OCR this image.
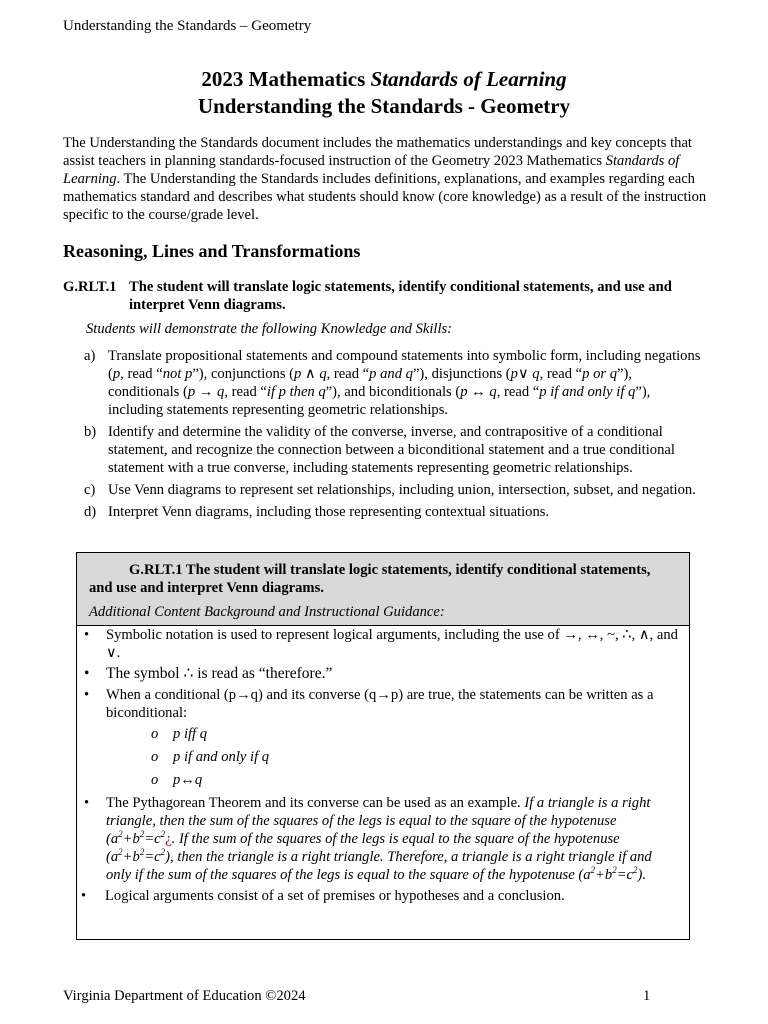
Understanding the Standards – Geometry
2023 Mathematics Standards of Learning
Understanding the Standards - Geometry
The Understanding the Standards document includes the mathematics understandings and key concepts that assist teachers in planning standards-focused instruction of the Geometry 2023 Mathematics Standards of Learning. The Understanding the Standards includes definitions, explanations, and examples regarding each mathematics standard and describes what students should know (core knowledge) as a result of the instruction specific to the course/grade level.
Reasoning, Lines and Transformations
G.RLT.1 The student will translate logic statements, identify conditional statements, and use and interpret Venn diagrams.
Students will demonstrate the following Knowledge and Skills:
a) Translate propositional statements and compound statements into symbolic form, including negations (p, read “not p”), conjunctions (p ∧ q, read “p and q”), disjunctions (p∨ q, read “p or q”), conditionals (p → q, read “if p then q”), and biconditionals (p ↔ q, read “p if and only if q”), including statements representing geometric relationships.
b) Identify and determine the validity of the converse, inverse, and contrapositive of a conditional statement, and recognize the connection between a biconditional statement and a true conditional statement with a true converse, including statements representing geometric relationships.
c) Use Venn diagrams to represent set relationships, including union, intersection, subset, and negation.
d) Interpret Venn diagrams, including those representing contextual situations.
G.RLT.1 The student will translate logic statements, identify conditional statements, and use and interpret Venn diagrams.
Additional Content Background and Instructional Guidance:
• Symbolic notation is used to represent logical arguments, including the use of →, ↔, ~, ∴, ∧, and ∨.
• The symbol ∴ is read as “therefore.”
• When a conditional (p→q) and its converse (q→p) are true, the statements can be written as a biconditional:
o p iff q
o p if and only if q
o p↔q
• The Pythagorean Theorem and its converse can be used as an example. If a triangle is a right triangle, then the sum of the squares of the legs is equal to the square of the hypotenuse ($a^2+b^2=c^2¿$. If the sum of the squares of the legs is equal to the square of the hypotenuse $(a^2+b^2=c^2)$, then the triangle is a right triangle. Therefore, a triangle is a right triangle if and only if the sum of the squares of the legs is equal to the square of the hypotenuse $(a^2+b^2=c^2)$.
• Logical arguments consist of a set of premises or hypotheses and a conclusion.
Virginia Department of Education ©2024	1
